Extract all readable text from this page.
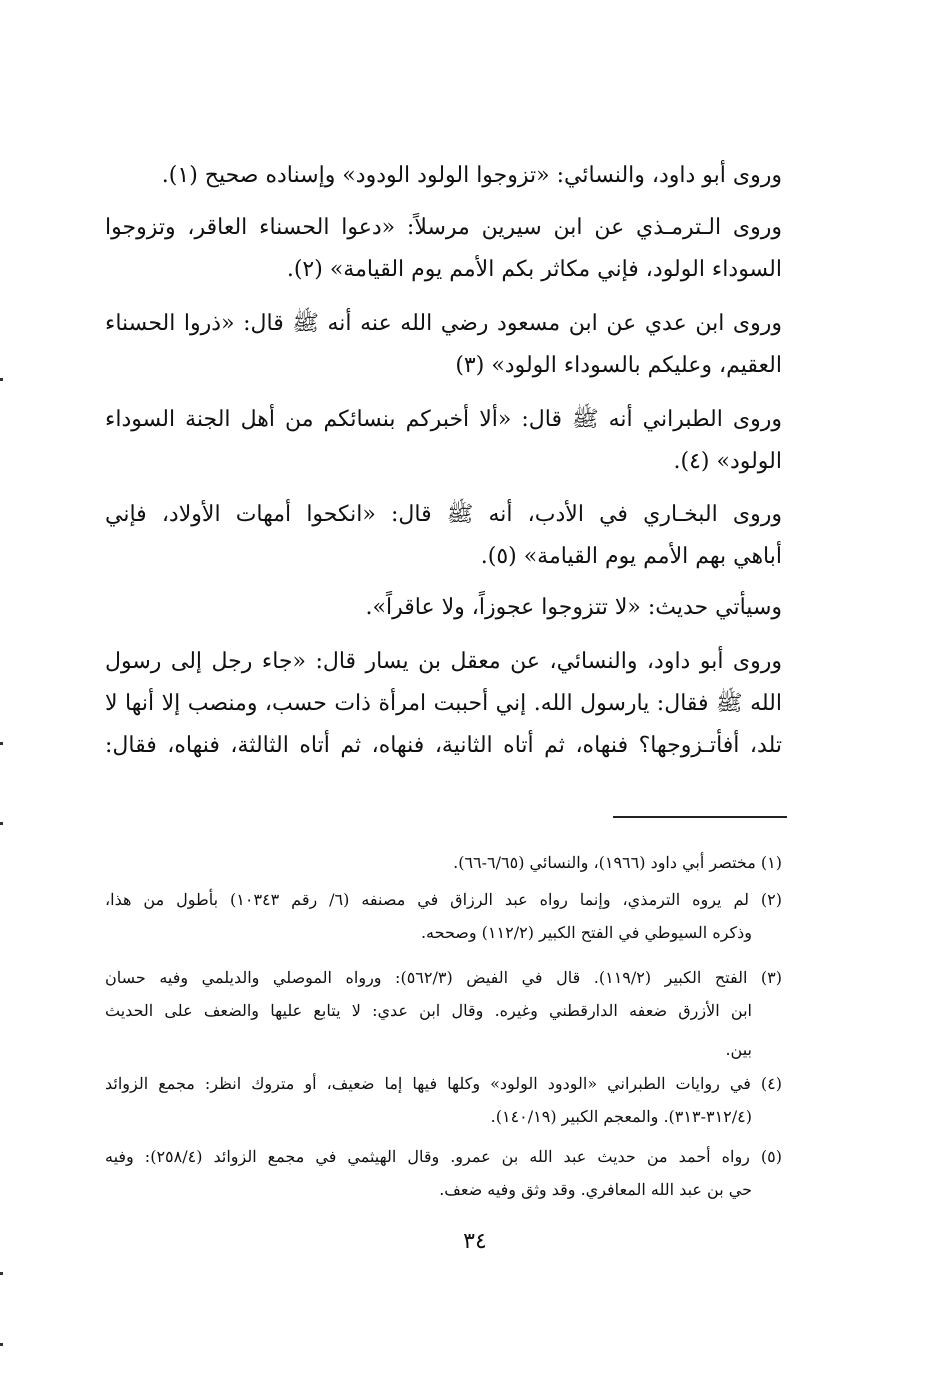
وروى أبو داود، والنسائي: «تزوجوا الولود الودود» وإسناده صحيح (١).
وروى الـترمـذي عن ابن سيرين مرسلاً: «دعوا الحسناء العاقر، وتزوجوا
السوداء الولود، فإني مكاثر بكم الأمم يوم القيامة» (٢).
وروى ابن عدي عن ابن مسعود رضي الله عنه أنه ﷺ قال: «ذروا الحسناء
العقيم، وعليكم بالسوداء الولود» (٣)
وروى الطبراني أنه ﷺ قال: «ألا أخبركم بنسائكم من أهل الجنة السوداء
الولود» (٤).
وروى البخـاري في الأدب، أنه ﷺ قال: «انكحوا أمهات الأولاد، فإني
أباهي بهم الأمم يوم القيامة» (٥).
وسيأتي حديث: «لا تتزوجوا عجوزاً، ولا عاقراً».
وروى أبو داود، والنسائي، عن معقل بن يسار قال: «جاء رجل إلى رسول
الله ﷺ فقال: يارسول الله. إني أحببت امرأة ذات حسب، ومنصب إلا أنها لا
تلد، أفأتـزوجها؟ فنهاه، ثم أتاه الثانية، فنهاه، ثم أتاه الثالثة، فنهاه، فقال:
(١) مختصر أبي داود (١٩٦٦)، والنسائي (٦/٦٥-٦٦).
(٢) لم يروه الترمذي، وإنما رواه عبد الرزاق في مصنفه (٦/ رقم ١٠٣٤٣) بأطول من هذا،
وذكره السيوطي في الفتح الكبير (١١٢/٢) وصححه.
(٣) الفتح الكبير (١١٩/٢). قال في الفيض (٥٦٢/٣): ورواه الموصلي والديلمي وفيه حسان
ابن الأزرق ضعفه الدارقطني وغيره. وقال ابن عدي: لا يتابع عليها والضعف على الحديث
بين.
(٤) في روايات الطبراني «الودود الولود» وكلها فيها إما ضعيف، أو متروك انظر: مجمع الزوائد
(٣١٢/٤-٣١٣). والمعجم الكبير (١٤٠/١٩).
(٥) رواه أحمد من حديث عبد الله بن عمرو. وقال الهيثمي في مجمع الزوائد (٢٥٨/٤): وفيه
حي بن عبد الله المعافري. وقد وثق وفيه ضعف.
٣٤
